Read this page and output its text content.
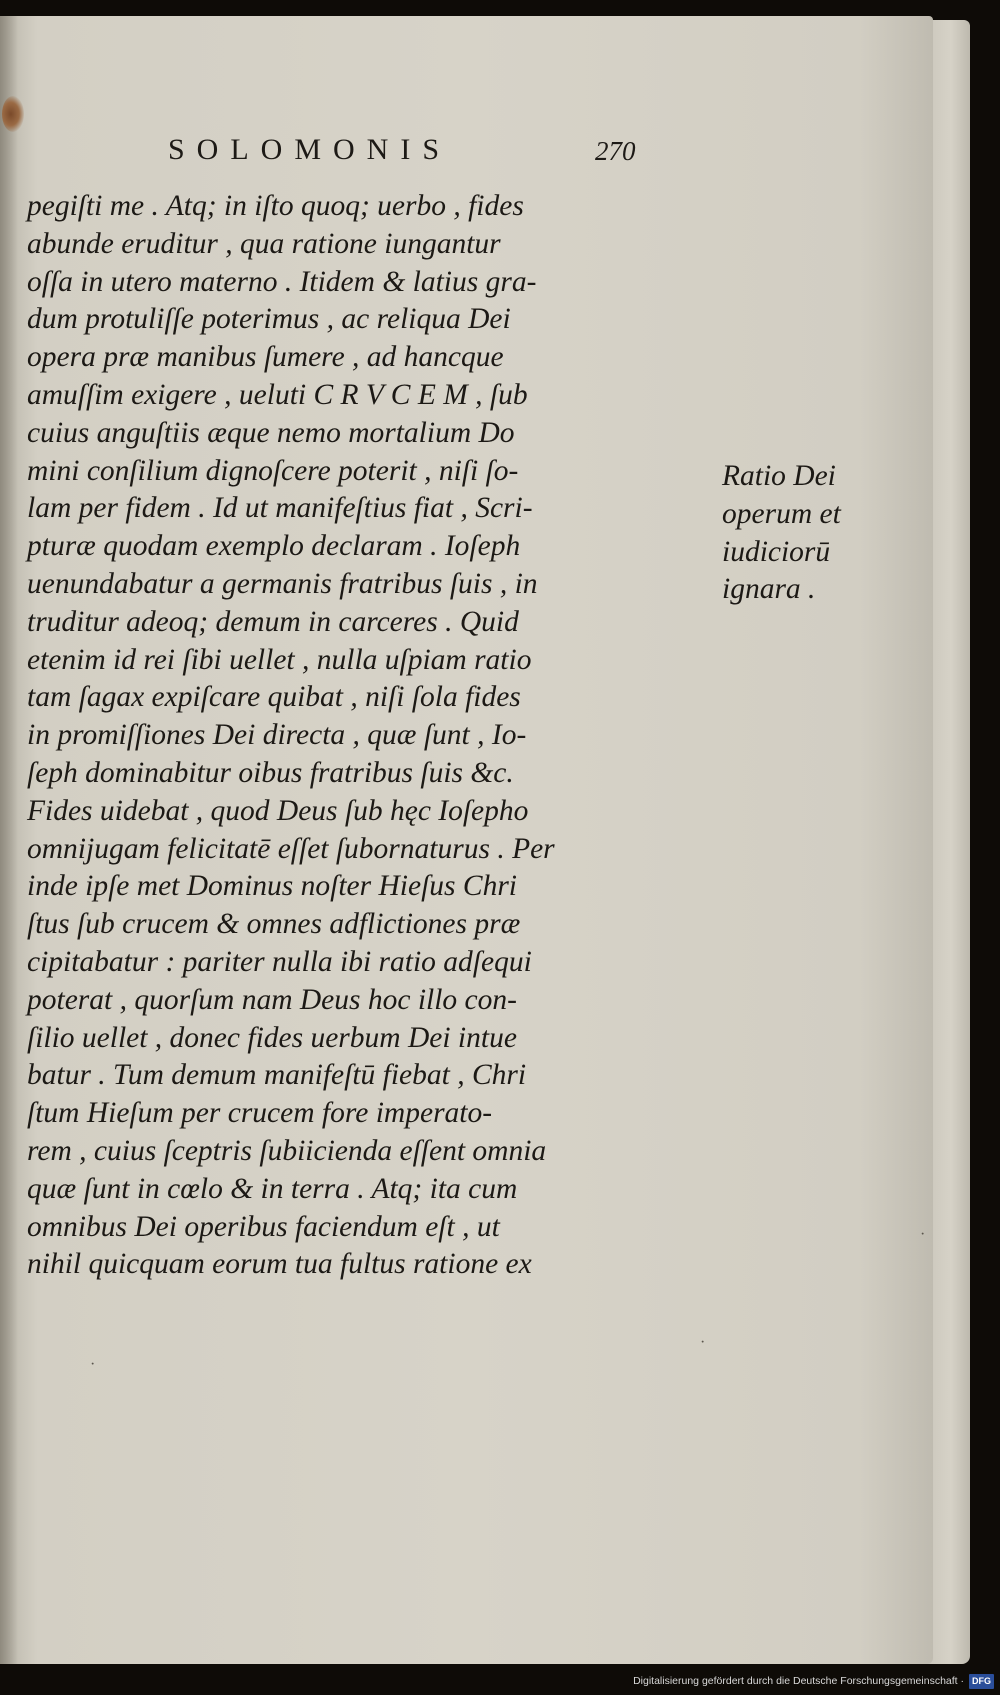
SOLOMONIS	270

pegiſti me . Atq; in iſto quoq; uerbo , fides
abunde eruditur , qua ratione iungantur
oſſa in utero materno . Itidem & latius gra-
dum protuliſſe poterimus , ac reliqua Dei
opera præ manibus ſumere , ad hancque
amuſſim exigere , ueluti C R V C E M , ſub
cuius anguſtiis æque nemo mortalium Do
mini conſilium dignoſcere poterit , niſi ſo-
lam per fidem . Id ut manifeſtius fiat , Scri-
pturæ quodam exemplo declaram . Ioſeph
uenundabatur a germanis fratribus ſuis , in
truditur adeoq; demum in carceres . Quid
etenim id rei ſibi uellet , nulla uſpiam ratio
tam ſagax expiſcare quibat , niſi ſola fides
in promiſſiones Dei directa , quæ ſunt , Io-
ſeph dominabitur oibus fratribus ſuis &c.
Fides uidebat , quod Deus ſub hęc Ioſepho
omnijugam felicitatē eſſet ſubornaturus . Per
inde ipſe met Dominus noſter Hieſus Chri
ſtus ſub crucem & omnes adflictiones præ
cipitabatur : pariter nulla ibi ratio adſequi
poterat , quorſum nam Deus hoc illo con-
ſilio uellet , donec fides uerbum Dei intue
batur . Tum demum manifeſtū fiebat , Chri
ſtum Hieſum per crucem fore imperato-
rem , cuius ſceptris ſubiicienda eſſent omnia
quæ ſunt in cœlo & in terra . Atq; ita cum
omnibus Dei operibus faciendum eſt , ut
nihil quicquam eorum tua fultus ratione ex
Ratio Dei
operum et
iudiciorū
ignara .
·
·
·
Digitalisierung gefördert durch die Deutsche Forschungsgemeinschaft · DFG
